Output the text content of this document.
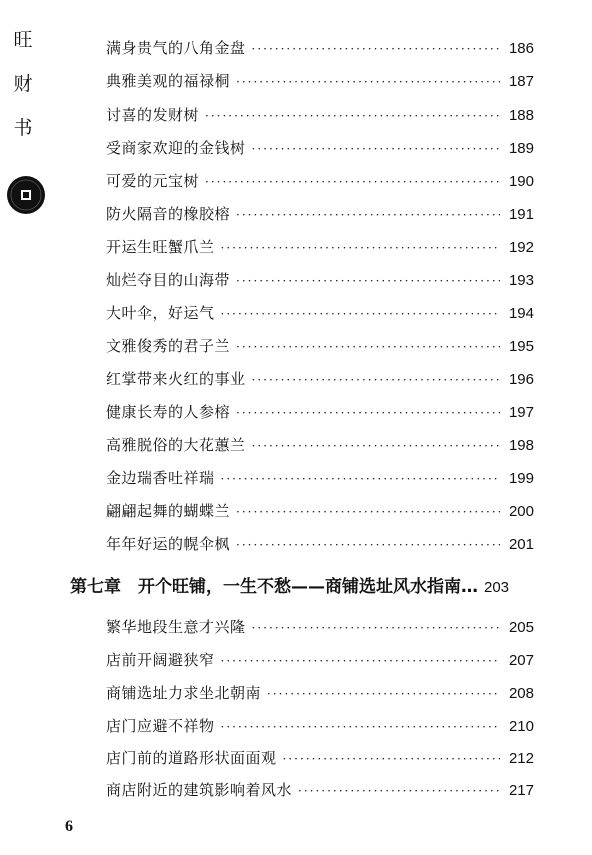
旺
财
书
满身贵气的八角金盘 ·····	186
典雅美观的福禄桐 ·····	187
讨喜的发财树 ·····	188
受商家欢迎的金钱树 ·····	189
可爱的元宝树 ·····	190
防火隔音的橡胶榕 ·····	191
开运生旺蟹爪兰 ·····	192
灿烂夺目的山海带 ·····	193
大叶伞，好运气 ·····	194
文雅俊秀的君子兰 ·····	195
红掌带来火红的事业 ·····	196
健康长寿的人参榕 ·····	197
高雅脱俗的大花蕙兰 ·····	198
金边瑞香吐祥瑞 ·····	199
翩翩起舞的蝴蝶兰 ·····	200
年年好运的幌伞枫 ·····	201
第七章　开个旺铺，一生不愁——商铺选址风水指南… 203
繁华地段生意才兴隆 ·····	205
店前开阔避狭窄 ·····	207
商铺选址力求坐北朝南 ·····	208
店门应避不祥物 ·····	210
店门前的道路形状面面观 ·····	212
商店附近的建筑影响着风水 ·····	217
6
